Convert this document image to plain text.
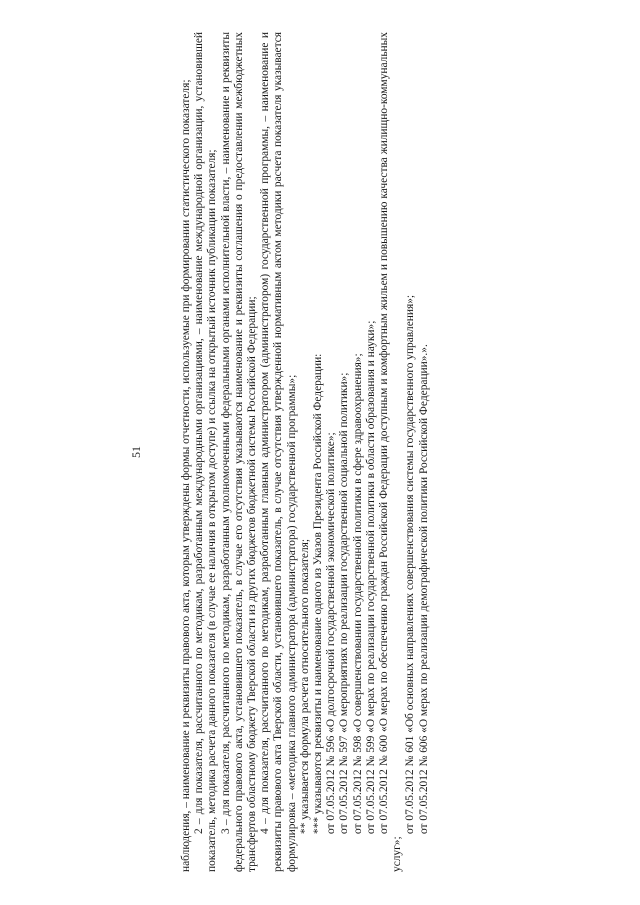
51	наблюдения, – наименование и реквизиты правового акта, которым утверждены формы отчетности, используемые при формировании статистического показателя; 2 – для показателя, рассчитанного по методикам, разработанным международными организациями, – наименование международной организации, установившей показатель, методика расчета данного показателя (в случае ее наличия в открытом доступе) и ссылка на открытый источник публикации показателя; 3 – для показателя, рассчитанного по методикам, разработанным уполномоченными федеральными органами исполнительной власти, – наименование и реквизиты федерального правового акта, установившего показатель, в случае его отсутствия указываются наименование и реквизиты соглашения о предоставлении межбюджетных трансфертов областному бюджету Тверской области из других бюджетов бюджетной системы Российской Федерации; 4 – для показателя, рассчитанного по методикам, разработанным главным администратором (администратором) государственной программы, – наименование и реквизиты правового акта Тверской области, установившего показатель, в случае отсутствия утвержденной нормативным актом методики расчета показателя указывается формулировка – «методика главного администратора (администратора) государственной программы»; ** указывается формула расчета относительного показателя; *** указываются реквизиты и наименование одного из Указов Президента Российской Федерации: от 07.05.2012 № 596 «О долгосрочной государственной экономической политике»; от 07.05.2012 № 597 «О мероприятиях по реализации государственной социальной политики»; от 07.05.2012 № 598 «О совершенствовании государственной политики в сфере здравоохранения»; от 07.05.2012 № 599 «О мерах по реализации государственной политики в области образования и науки»; от 07.05.2012 № 600 «О мерах по обеспечению граждан Российской Федерации доступным и комфортным жильем и повышению качества жилищно-коммунальных услуг»;

от 07.05.2012 № 601 «Об основных направлениях совершенствования системы государственного управления»; от 07.05.2012 № 606 «О мерах по реализации демографической политики Российской Федерации».».
